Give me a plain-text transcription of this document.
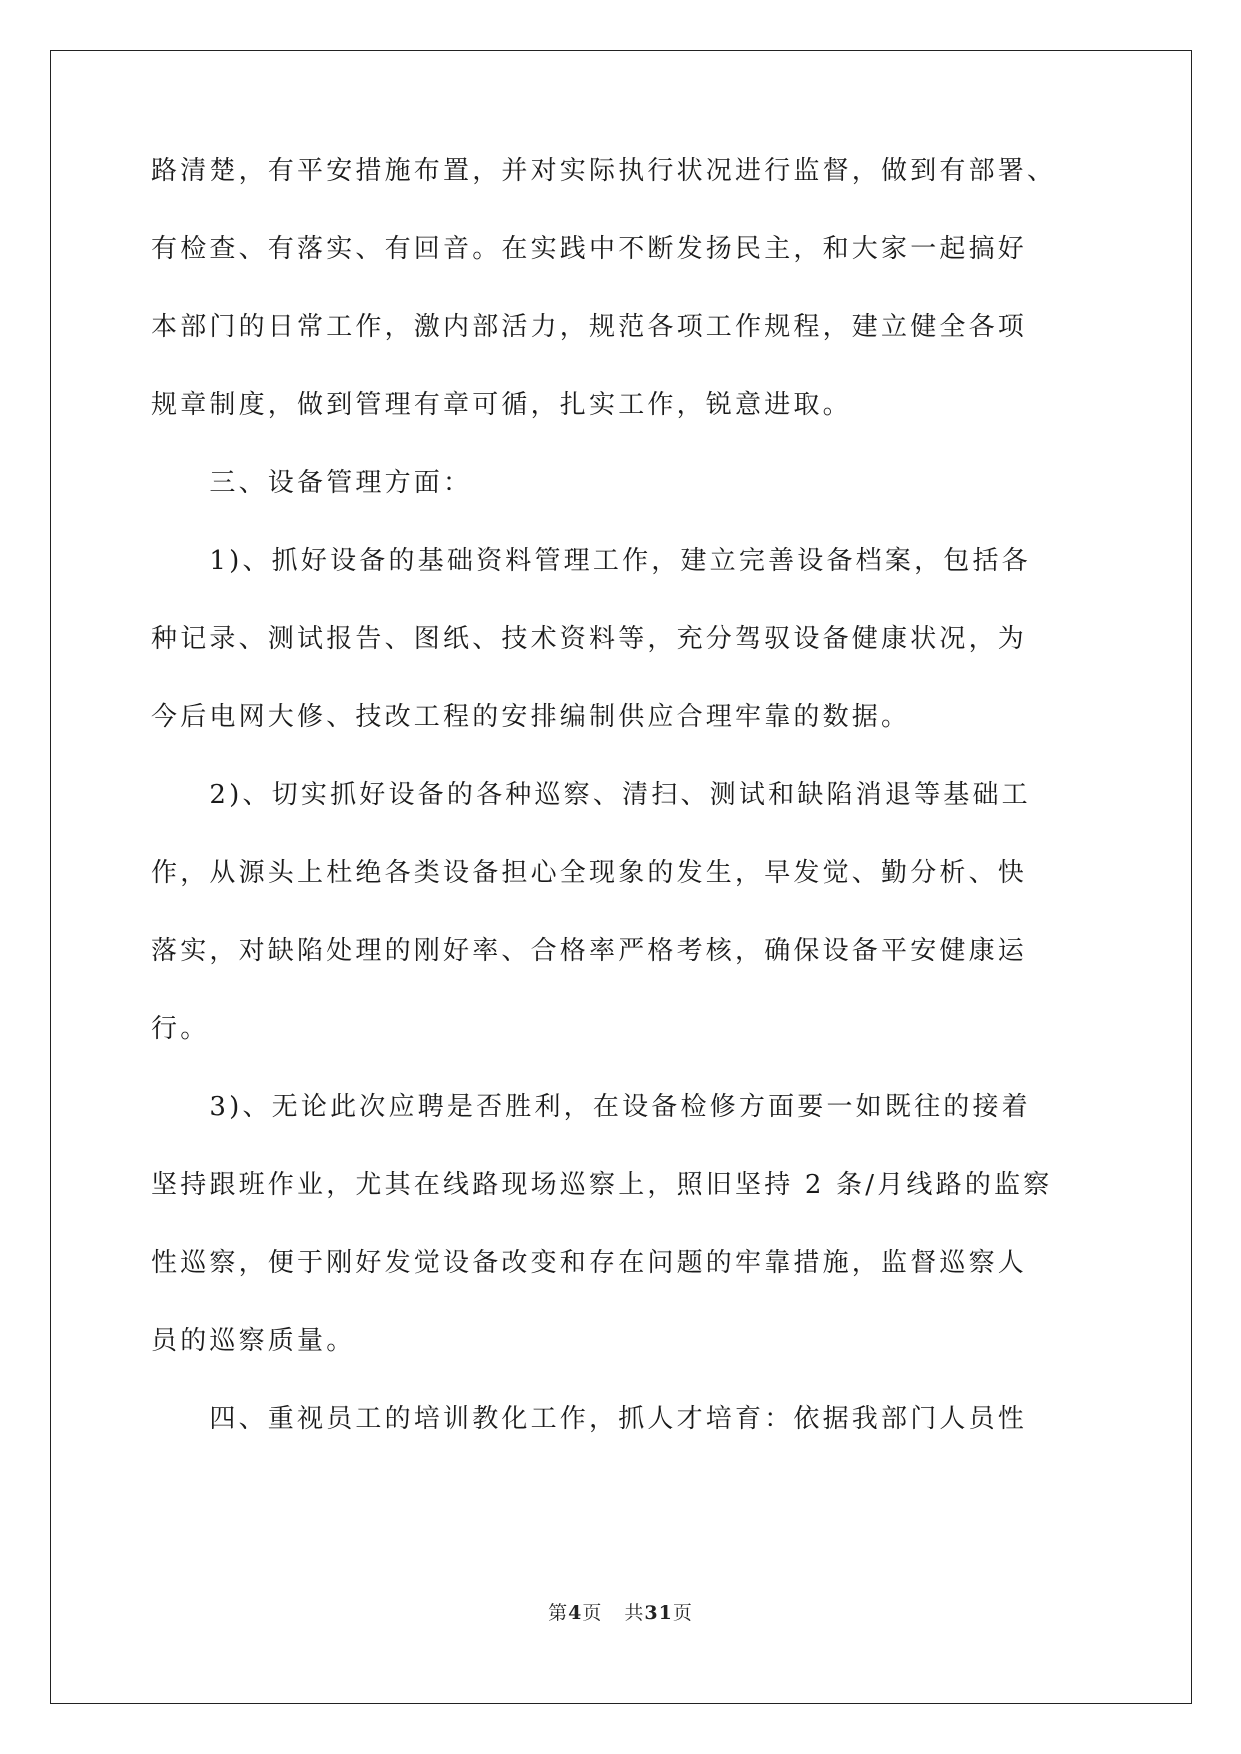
路清楚，有平安措施布置，并对实际执行状况进行监督，做到有部署、
有检查、有落实、有回音。在实践中不断发扬民主，和大家一起搞好
本部门的日常工作，激内部活力，规范各项工作规程，建立健全各项
规章制度，做到管理有章可循，扎实工作，锐意进取。
　　三、设备管理方面：
　　1)、抓好设备的基础资料管理工作，建立完善设备档案，包括各
种记录、测试报告、图纸、技术资料等，充分驾驭设备健康状况，为
今后电网大修、技改工程的安排编制供应合理牢靠的数据。
　　2)、切实抓好设备的各种巡察、清扫、测试和缺陷消退等基础工
作，从源头上杜绝各类设备担心全现象的发生，早发觉、勤分析、快
落实，对缺陷处理的刚好率、合格率严格考核，确保设备平安健康运
行。
　　3)、无论此次应聘是否胜利，在设备检修方面要一如既往的接着
坚持跟班作业，尤其在线路现场巡察上，照旧坚持 2 条/月线路的监察
性巡察，便于刚好发觉设备改变和存在问题的牢靠措施，监督巡察人
员的巡察质量。
　　四、重视员工的培训教化工作，抓人才培育：依据我部门人员性
第4页 共31页
